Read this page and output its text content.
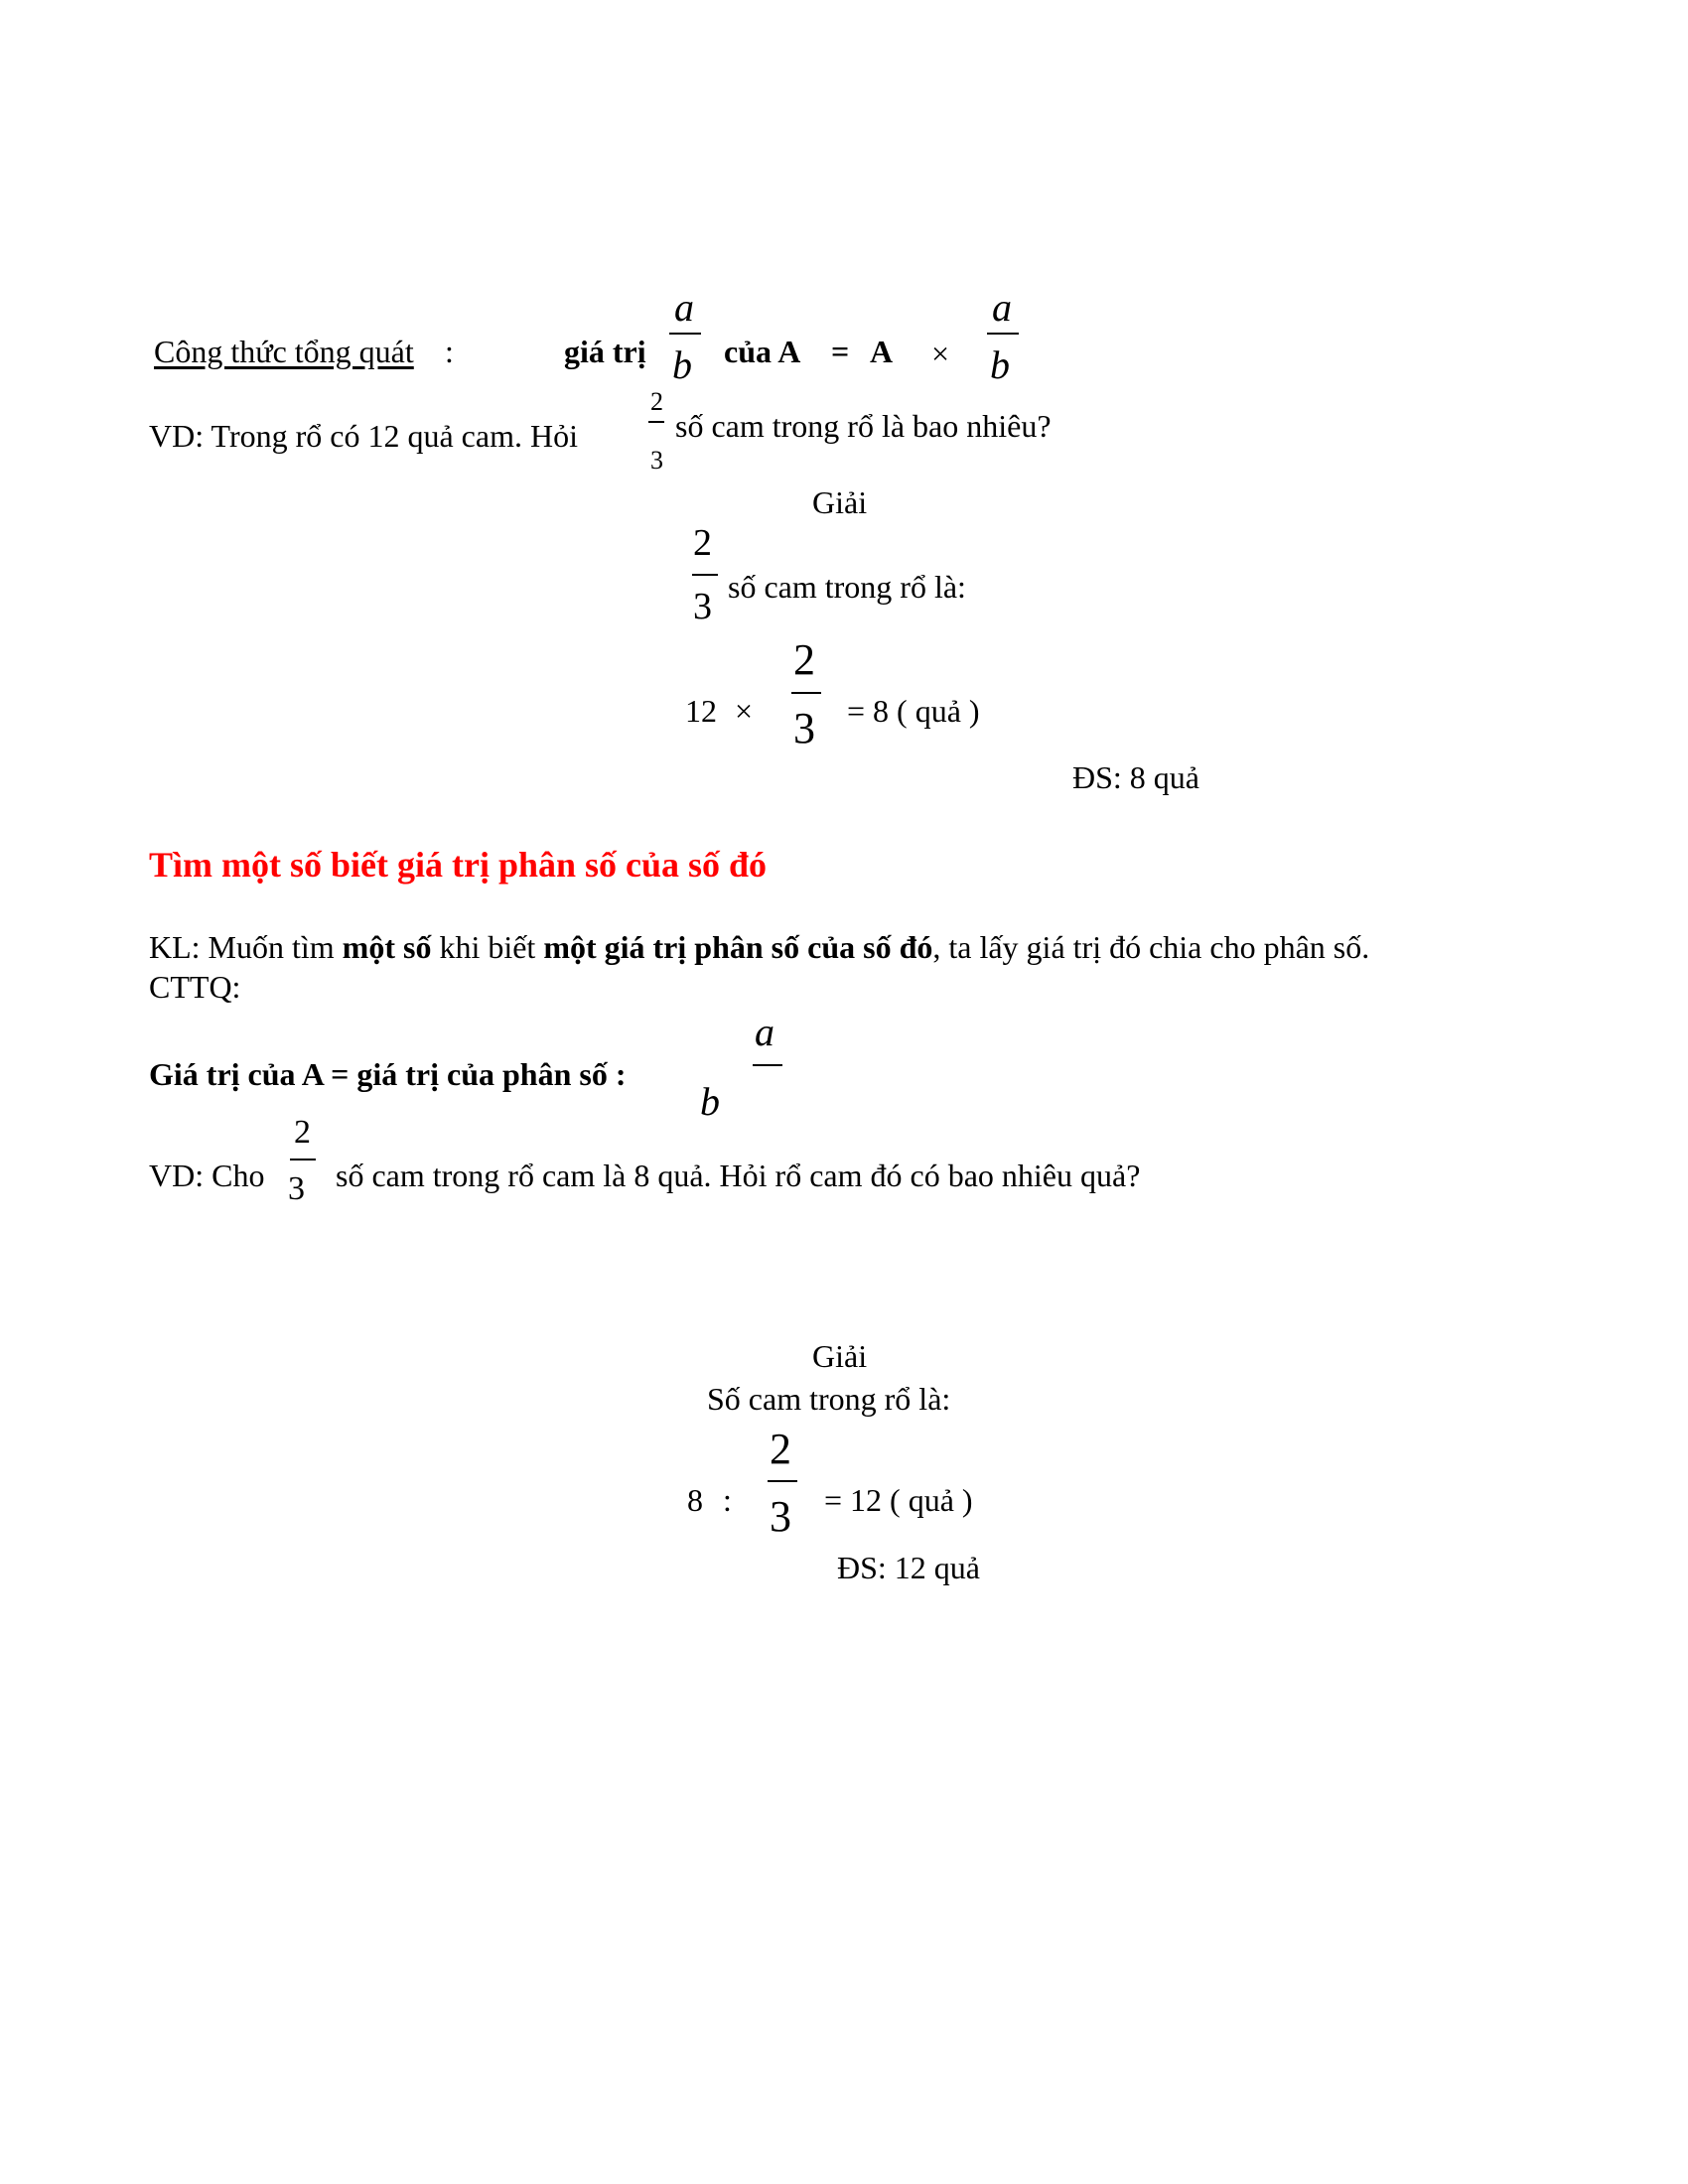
Công thức tổng quát :	giá trị
a
b của A = A ×
a
b
VD: Trong rổ có 12 quả cam. Hỏi
2
3
số cam trong rổ là bao nhiêu?
Giải
2
3 số cam trong rổ là:
12 ×
2
3 = 8 ( quả )
ĐS: 8 quả
Tìm một số biết giá trị phân số của số đó
KL: Muốn tìm một số khi biết một giá trị phân số của số đó, ta lấy giá trị đó chia cho phân số.
CTTQ:
Giá trị của A = giá trị của phân số :
b
a
VD: Cho
2
3 số cam trong rổ cam là 8 quả. Hỏi rổ cam đó có bao nhiêu quả?
Giải
Số cam trong rổ là:
8 :
2
3 = 12 ( quả )
ĐS: 12 quả
